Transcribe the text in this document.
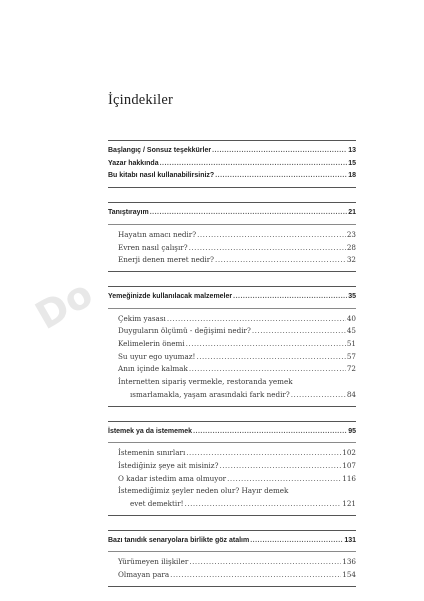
Do
İçindekiler
Başlangıç / Sonsuz teşekkürler .....	13
Yazar hakkında .....	15
Bu kitabı nasıl kullanabilirsiniz? .....	18
Tanıştırayım .....	21
Hayatın amacı nedir? .....	23
Evren nasıl çalışır? .....	28
Enerji denen meret nedir? .....	32
Yemeğinizde kullanılacak malzemeler .....	35
Çekim yasası .....	40
Duyguların ölçümü - değişimi nedir? .....	45
Kelimelerin önemi .....	51
Su uyur ego uyumaz! .....	57
Anın içinde kalmak .....	72
İnternetten sipariş vermekle, restoranda yemek
ısmarlamakla, yaşam arasındaki fark nedir? .....	84
İstemek ya da istememek .....	95
İstemenin sınırları .....	102
İstediğiniz şeye ait misiniz? .....	107
O kadar istedim ama olmuyor .....	116
İstemediğimiz şeyler neden olur? Hayır demek
evet demektir! .....	121
Bazı tanıdık senaryolara birlikte göz atalım .....	131
Yürümeyen ilişkiler .....	136
Olmayan para .....	154
